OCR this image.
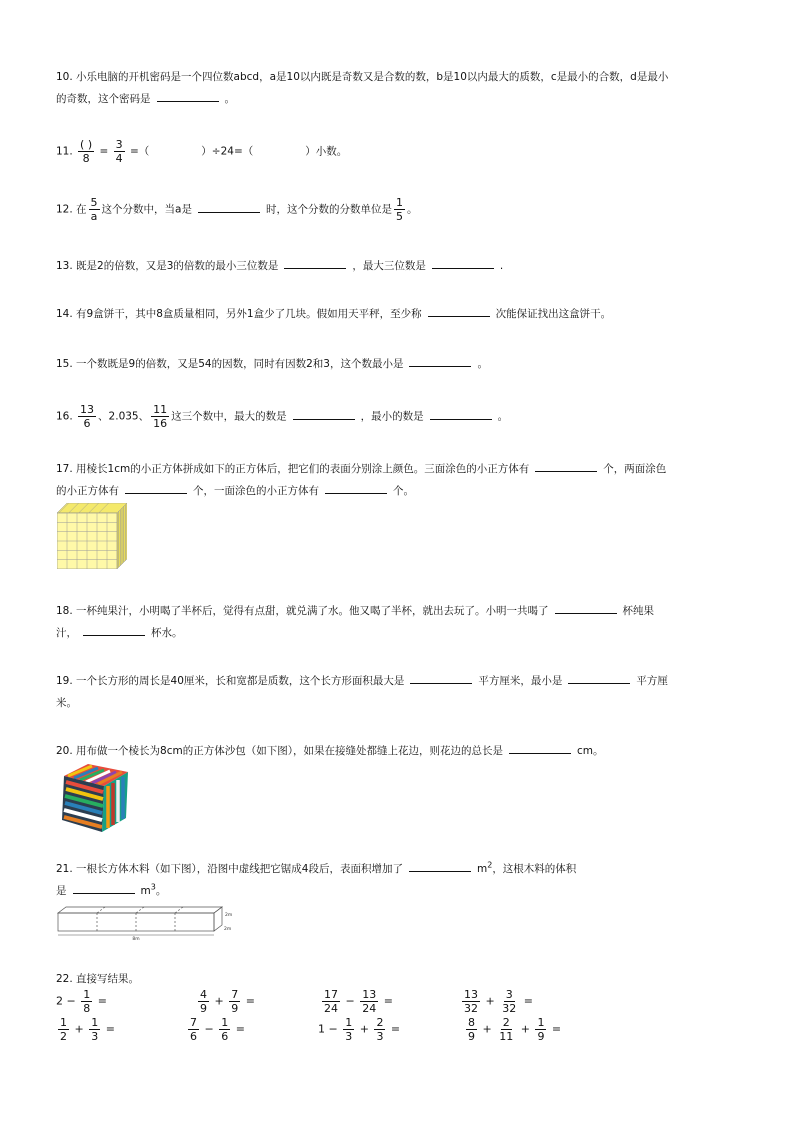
10. 小乐电脑的开机密码是一个四位数abcd，a是10以内既是奇数又是合数的数，b是10以内最大的质数，c是最小的合数，d是最小
的奇数，这个密码是	。
11. $\frac{( )}{8} = \frac{3}{4}$ =（	）÷24=（	）小数。
12. 在 $\frac{5}{a}$ 这个分数中，当a是	时，这个分数的分数单位是 $\frac{1}{5}$ 。
13. 既是2的倍数，又是3的倍数的最小三位数是	，最大三位数是	.
14. 有9盒饼干，其中8盒质量相同，另外1盒少了几块。假如用天平秤，至少称	次能保证找出这盒饼干。
15. 一个数既是9的倍数，又是54的因数，同时有因数2和3，这个数最小是	。
16. $\frac{13}{6}$ 、2.035、 $\frac{11}{16}$ 这三个数中，最大的数是	，最小的数是	。
17. 用棱长1cm的小正方体拼成如下的正方体后，把它们的表面分别涂上颜色。三面涂色的小正方体有	个，两面涂色
的小正方体有	个，一面涂色的小正方体有	个。
18. 一杯纯果汁，小明喝了半杯后，觉得有点甜，就兑满了水。他又喝了半杯，就出去玩了。小明一共喝了	杯纯果
汁，	杯水。
19. 一个长方形的周长是40厘米，长和宽都是质数，这个长方形面积最大是	平方厘米，最小是	平方厘
米。
20. 用布做一个棱长为8cm的正方体沙包（如下图），如果在接缝处都缝上花边，则花边的总长是	cm。
21. 一根长方体木料（如下图），沿图中虚线把它锯成4段后，表面积增加了	$m^2$，这根木料的体积
是	$m^3$。
8m
2m
2m
22. 直接写结果。
$2 - \frac{1}{8}$ =	$\frac{4}{9} + \frac{7}{9}$ =	$\frac{17}{24} - \frac{13}{24}$ =	$\frac{13}{32} + \frac{3}{32}$ =
$\frac{1}{2} + \frac{1}{3}$ =	$\frac{7}{6} - \frac{1}{6}$ =	$1 - \frac{1}{3} + \frac{2}{3}$ =	$\frac{8}{9} + \frac{2}{11} + \frac{1}{9}$ =
